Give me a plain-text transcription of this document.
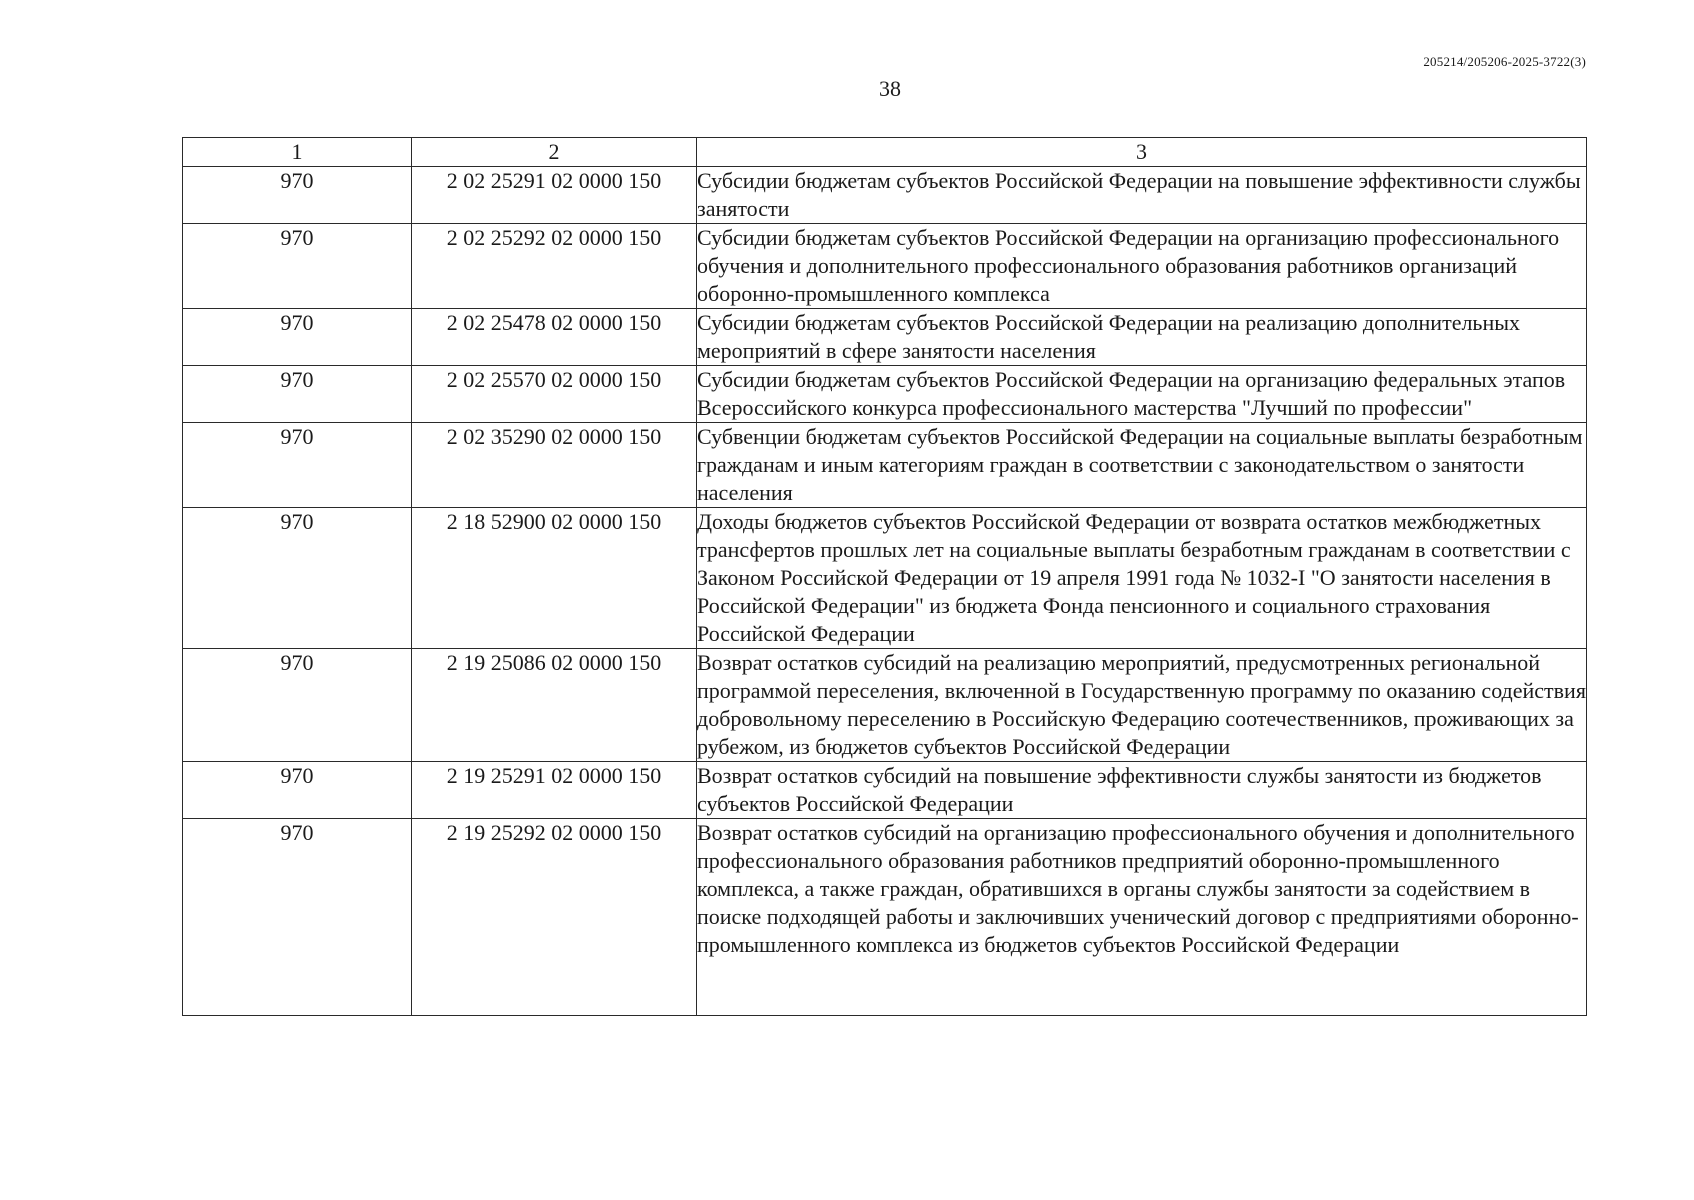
205214/205206-2025-3722(3)
38
1	2	3
970	2 02 25291 02 0000 150	Субсидии бюджетам субъектов Российской Федерации на повышение эффективности службы занятости
970	2 02 25292 02 0000 150	Субсидии бюджетам субъектов Российской Федерации на организацию профессионального обучения и дополнительного профессионального образования работников организаций оборонно-промышленного комплекса
970	2 02 25478 02 0000 150	Субсидии бюджетам субъектов Российской Федерации на реализацию дополнительных мероприятий в сфере занятости населения
970	2 02 25570 02 0000 150	Субсидии бюджетам субъектов Российской Федерации на организацию федеральных этапов Всероссийского конкурса профессионального мастерства "Лучший по профессии"
970	2 02 35290 02 0000 150	Субвенции бюджетам субъектов Российской Федерации на социальные выплаты безработным гражданам и иным категориям граждан в соответствии с законодательством о занятости населения
970	2 18 52900 02 0000 150	Доходы бюджетов субъектов Российской Федерации от возврата остатков межбюджетных трансфертов прошлых лет на социальные выплаты безработным гражданам в соответствии с Законом Российской Федерации от 19 апреля 1991 года № 1032-I "О занятости населения в Российской Федерации" из бюджета Фонда пенсионного и социального страхования Российской Федерации
970	2 19 25086 02 0000 150	Возврат остатков субсидий на реализацию мероприятий, предусмотренных региональной программой переселения, включенной в Государственную программу по оказанию содействия добровольному переселению в Российскую Федерацию соотечественников, проживающих за рубежом, из бюджетов субъектов Российской Федерации
970	2 19 25291 02 0000 150	Возврат остатков субсидий на повышение эффективности службы занятости из бюджетов субъектов Российской Федерации
970	2 19 25292 02 0000 150	Возврат остатков субсидий на организацию профессионального обучения и дополнительного профессионального образования работников предприятий оборонно-промышленного комплекса, а также граждан, обратившихся в органы службы занятости за содействием в поиске подходящей работы и заключивших ученический договор с предприятиями оборонно-промышленного комплекса из бюджетов субъектов Российской Федерации
